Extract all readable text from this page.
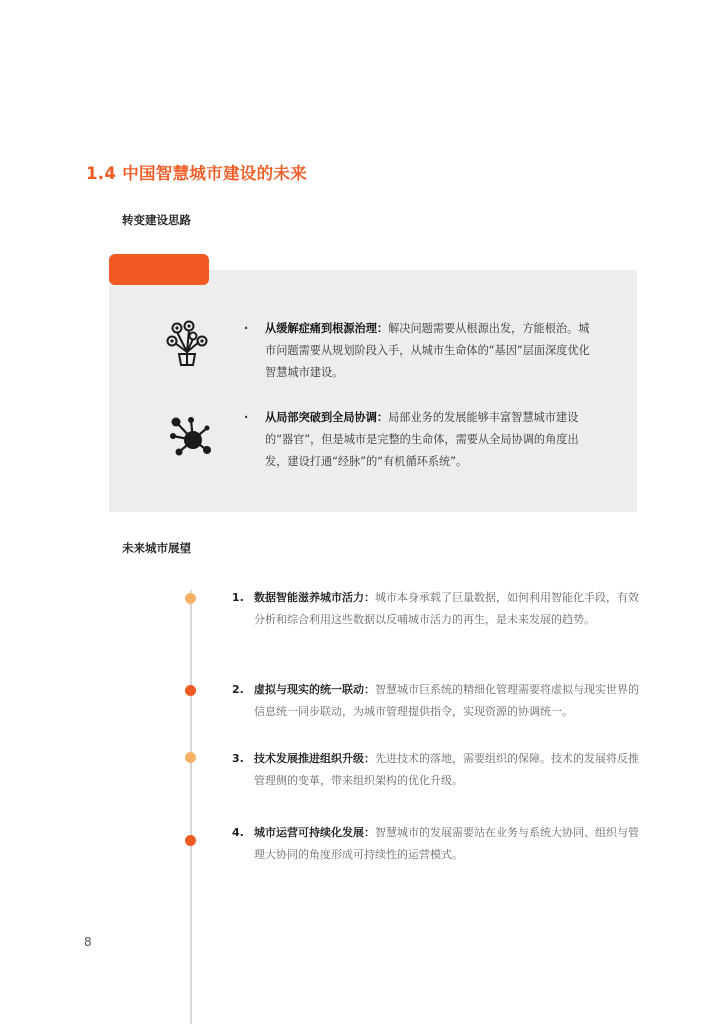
1.4 中国智慧城市建设的未来
转变建设思路
· 从缓解症痛到根源治理：解决问题需要从根源出发，方能根治。城市问题需要从规划阶段入手，从城市生命体的“基因”层面深度优化智慧城市建设。
· 从局部突破到全局协调：局部业务的发展能够丰富智慧城市建设的“器官”，但是城市是完整的生命体，需要从全局协调的角度出发，建设打通“经脉”的“有机循环系统”。
未来城市展望
1. 数据智能滋养城市活力：城市本身承载了巨量数据，如何利用智能化手段，有效分析和综合利用这些数据以反哺城市活力的再生，是未来发展的趋势。
2. 虚拟与现实的统一联动：智慧城市巨系统的精细化管理需要将虚拟与现实世界的信息统一同步联动，为城市管理提供指令，实现资源的协调统一。
3. 技术发展推进组织升级：先进技术的落地，需要组织的保障。技术的发展将反推管理侧的变革，带来组织架构的优化升级。
4. 城市运营可持续化发展：智慧城市的发展需要站在业务与系统大协同、组织与管理大协同的角度形成可持续性的运营模式。
8
